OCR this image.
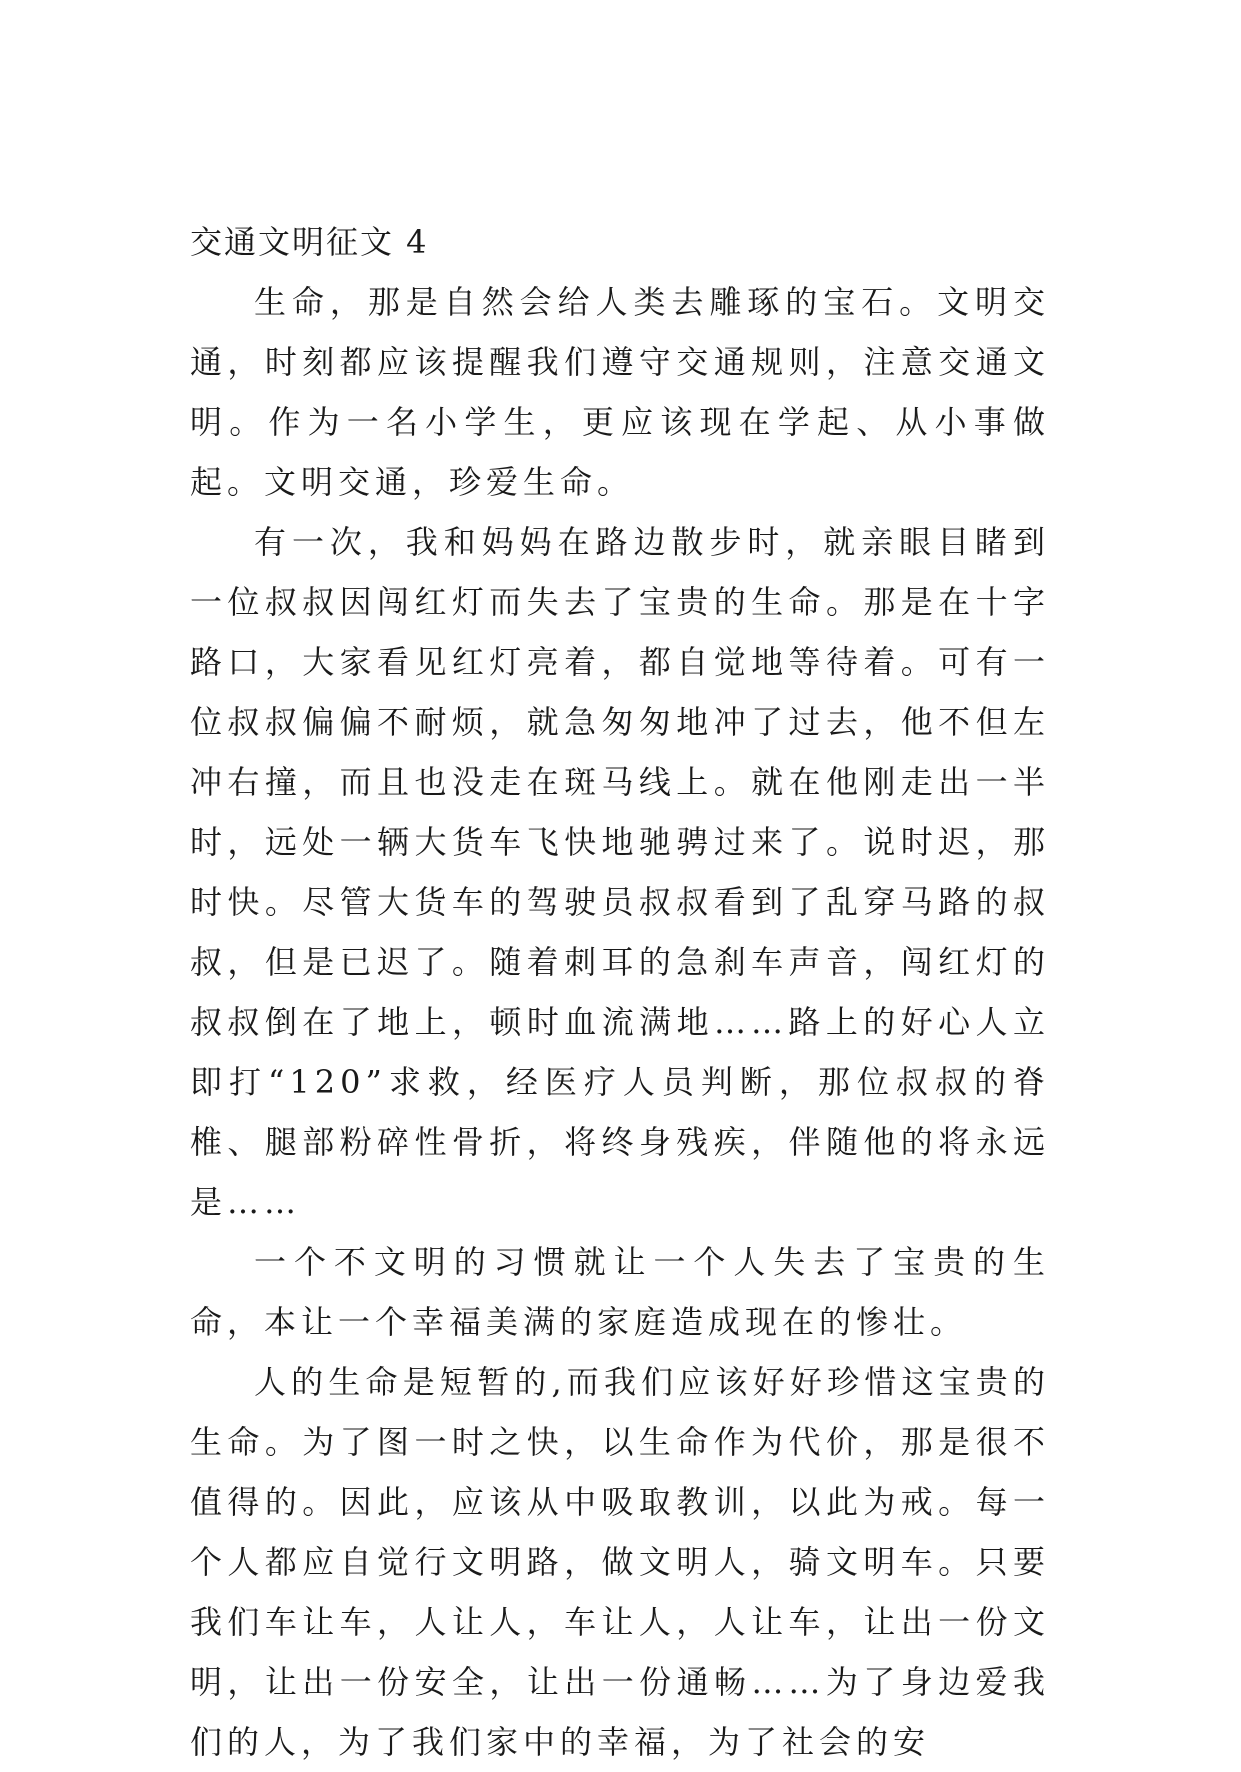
交通文明征文 4

生命，那是自然会给人类去雕琢的宝石。文明交通，时刻都应该提醒我们遵守交通规则，注意交通文明。作为一名小学生，更应该现在学起、从小事做起。文明交通，珍爱生命。

有一次，我和妈妈在路边散步时，就亲眼目睹到一位叔叔因闯红灯而失去了宝贵的生命。那是在十字路口，大家看见红灯亮着，都自觉地等待着。可有一位叔叔偏偏不耐烦，就急匆匆地冲了过去，他不但左冲右撞，而且也没走在斑马线上。就在他刚走出一半时，远处一辆大货车飞快地驰骋过来了。说时迟，那时快。尽管大货车的驾驶员叔叔看到了乱穿马路的叔叔，但是已迟了。随着刺耳的急刹车声音，闯红灯的叔叔倒在了地上，顿时血流满地……路上的好心人立即打“120”求救，经医疗人员判断，那位叔叔的脊椎、腿部粉碎性骨折，将终身残疾，伴随他的将永远是……

一个不文明的习惯就让一个人失去了宝贵的生命，本让一个幸福美满的家庭造成现在的惨壮。

人的生命是短暂的,而我们应该好好珍惜这宝贵的生命。为了图一时之快，以生命作为代价，那是很不值得的。因此，应该从中吸取教训，以此为戒。每一个人都应自觉行文明路，做文明人，骑文明车。只要我们车让车，人让人，车让人，人让车，让出一份文明，让出一份安全，让出一份通畅……为了身边爱我们的人，为了我们家中的幸福，为了社会的安
